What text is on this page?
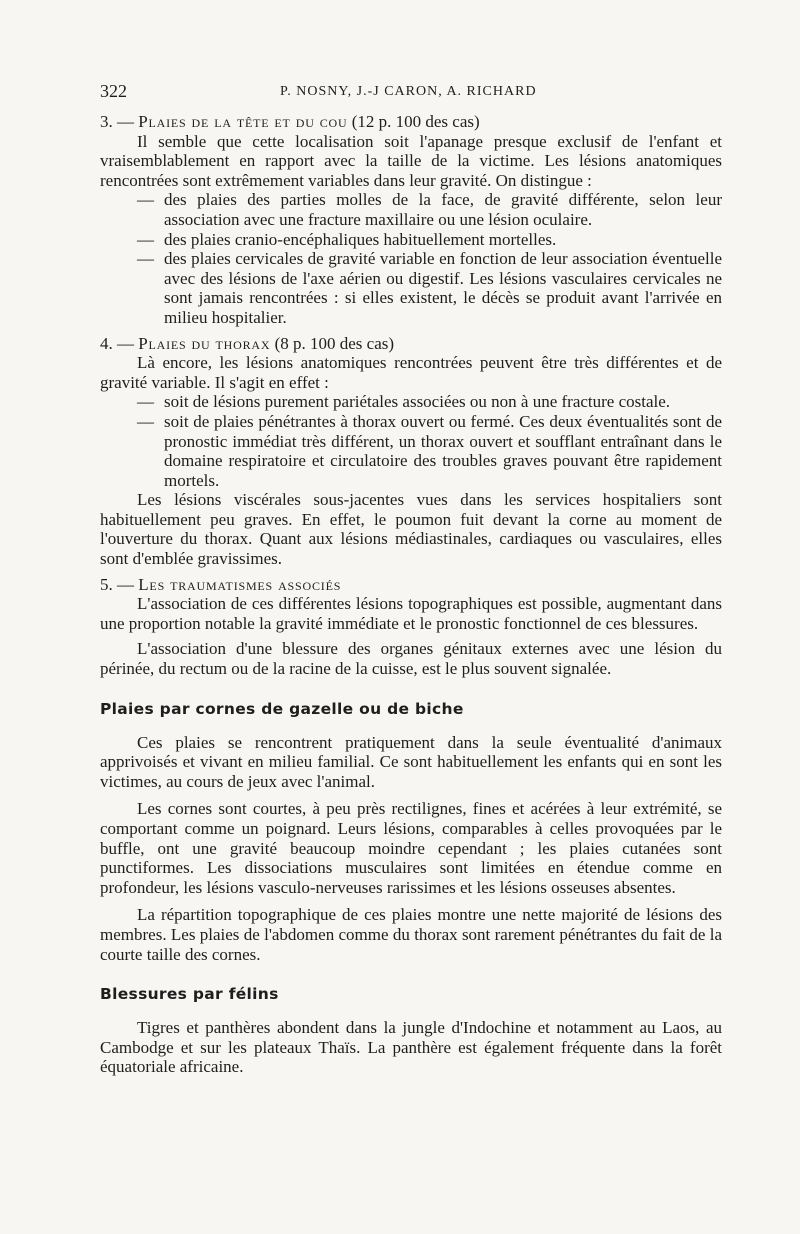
322	P. NOSNY, J.-J CARON, A. RICHARD

3. — Plaies de la tête et du cou (12 p. 100 des cas)

Il semble que cette localisation soit l'apanage presque exclusif de l'enfant et vraisemblablement en rapport avec la taille de la victime. Les lésions anatomiques rencontrées sont extrêmement variables dans leur gravité. On distingue :

— des plaies des parties molles de la face, de gravité différente, selon leur association avec une fracture maxillaire ou une lésion oculaire.
— des plaies cranio-encéphaliques habituellement mortelles.
— des plaies cervicales de gravité variable en fonction de leur association éventuelle avec des lésions de l'axe aérien ou digestif. Les lésions vasculaires cervicales ne sont jamais rencontrées : si elles existent, le décès se produit avant l'arrivée en milieu hospitalier.

4. — Plaies du thorax (8 p. 100 des cas)

Là encore, les lésions anatomiques rencontrées peuvent être très différentes et de gravité variable. Il s'agit en effet :

— soit de lésions purement pariétales associées ou non à une fracture costale.
— soit de plaies pénétrantes à thorax ouvert ou fermé. Ces deux éventualités sont de pronostic immédiat très différent, un thorax ouvert et soufflant entraînant dans le domaine respiratoire et circulatoire des troubles graves pouvant être rapidement mortels.

Les lésions viscérales sous-jacentes vues dans les services hospitaliers sont habituellement peu graves. En effet, le poumon fuit devant la corne au moment de l'ouverture du thorax. Quant aux lésions médiastinales, cardiaques ou vasculaires, elles sont d'emblée gravissimes.

5. — Les traumatismes associés

L'association de ces différentes lésions topographiques est possible, augmentant dans une proportion notable la gravité immédiate et le pronostic fonctionnel de ces blessures.

L'association d'une blessure des organes génitaux externes avec une lésion du périnée, du rectum ou de la racine de la cuisse, est le plus souvent signalée.

Plaies par cornes de gazelle ou de biche

Ces plaies se rencontrent pratiquement dans la seule éventualité d'animaux apprivoisés et vivant en milieu familial. Ce sont habituellement les enfants qui en sont les victimes, au cours de jeux avec l'animal.

Les cornes sont courtes, à peu près rectilignes, fines et acérées à leur extrémité, se comportant comme un poignard. Leurs lésions, comparables à celles provoquées par le buffle, ont une gravité beaucoup moindre cependant ; les plaies cutanées sont punctiformes. Les dissociations musculaires sont limitées en étendue comme en profondeur, les lésions vasculo-nerveuses rarissimes et les lésions osseuses absentes.

La répartition topographique de ces plaies montre une nette majorité de lésions des membres. Les plaies de l'abdomen comme du thorax sont rarement pénétrantes du fait de la courte taille des cornes.

Blessures par félins

Tigres et panthères abondent dans la jungle d'Indochine et notamment au Laos, au Cambodge et sur les plateaux Thaïs. La panthère est également fréquente dans la forêt équatoriale africaine.
